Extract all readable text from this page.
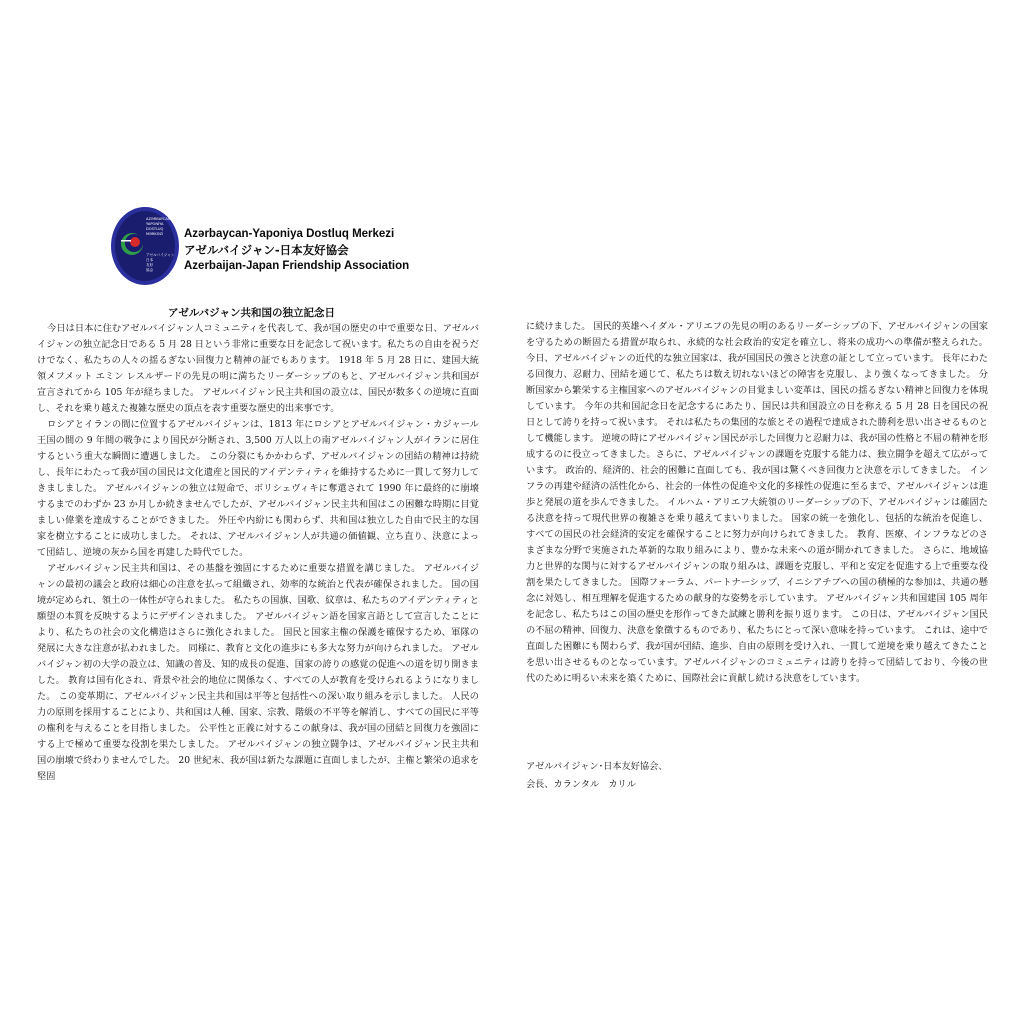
AZƏRBAYCAN
YAPONİYA
DOSTLUQ
MƏRKƏZİ
アゼルバイジャン
日本
友好
協会
Azərbaycan-Yaponiya Dostluq Merkezi
アゼルバイジャン-日本友好協会
Azerbaijan-Japan Friendship Association
アゼルバジャン共和国の独立記念日

今日は日本に住むアゼルバイジャン人コミュニティを代表して、我が国の歴史の中で重要な日、アゼルバイジャンの独立記念日である 5 月 28 日という非常に重要な日を記念して祝います。私たちの自由を祝うだけでなく、私たちの人々の揺るぎない回復力と精神の証でもあります。 1918 年 5 月 28 日に、建国大統領メフメット エミン レスルザードの先見の明に満ちたリーダーシップのもと、アゼルバイジャン共和国が宣言されてから 105 年が経ちました。 アゼルバイジャン民主共和国の設立は、国民が数多くの逆境に直面し、それを乗り越えた複雑な歴史の頂点を表す重要な歴史的出来事です。

ロシアとイランの間に位置するアゼルバイジャンは、1813 年にロシアとアゼルバイジャン・カジャール王国の間の 9 年間の戦争により国民が分断され、3,500 万人以上の南アゼルバイジャン人がイランに居住するという重大な瞬間に遭遇しました。 この分裂にもかかわらず、アゼルバイジャンの団結の精神は持続し、長年にわたって我が国の国民は文化遺産と国民的アイデンティティを維持するために一貫して努力してきましました。 アゼルバイジャンの独立は短命で、ボリシェヴィキに奪還されて 1990 年に最終的に崩壊するまでのわずか 23 か月しか続きませんでしたが、アゼルバイジャン民主共和国はこの困難な時期に目覚ましい偉業を達成することができました。 外圧や内紛にも関わらず、共和国は独立した自由で民主的な国家を樹立することに成功しました。 それは、アゼルバイジャン人が共通の価値観、立ち直り、決意によって団結し、逆境の灰から国を再建した時代でした。

アゼルバイジャン民主共和国は、その基盤を強固にするために重要な措置を講じました。 アゼルバイジャンの最初の議会と政府は細心の注意を払って組織され、効率的な統治と代表が確保されました。 国の国境が定められ、領土の一体性が守られました。 私たちの国旗、国歌、紋章は、私たちのアイデンティティと願望の本質を反映するようにデザインされました。 アゼルバイジャン語を国家言語として宣言したことにより、私たちの社会の文化構造はさらに強化されました。 国民と国家主権の保護を確保するため、軍隊の発展に大きな注意が払われました。 同様に、教育と文化の進歩にも多大な努力が向けられました。 アゼルバイジャン初の大学の設立は、知識の普及、知的成長の促進、国家の誇りの感覚の促進への道を切り開きました。 教育は国有化され、背景や社会的地位に関係なく、すべての人が教育を受けられるようになりました。 この変革期に、アゼルバイジャン民主共和国は平等と包括性への深い取り組みを示しました。 人民の力の原則を採用することにより、共和国は人種、国家、宗教、階級の不平等を解消し、すべての国民に平等の権利を与えることを目指しました。 公平性と正義に対するこの献身は、我が国の団結と回復力を強固にする上で極めて重要な役割を果たしました。 アゼルバイジャンの独立闘争は、アゼルバイジャン民主共和国の崩壊で終わりませんでした。 20 世紀末、我が国は新たな課題に直面しましたが、主権と繁栄の追求を堅固

に続けました。 国民的英雄ヘイダル・アリエフの先見の明のあるリーダーシップの下、アゼルバイジャンの国家を守るための断固たる措置が取られ、永続的な社会政治的安定を確立し、将来の成功への準備が整えられた。 今日、アゼルバイジャンの近代的な独立国家は、我が国国民の強さと決意の証として立っています。 長年にわたる回復力、忍耐力、団結を通じて、私たちは数え切れないほどの障害を克服し、より強くなってきました。 分断国家から繁栄する主権国家へのアゼルバイジャンの目覚ましい変革は、国民の揺るぎない精神と回復力を体現しています。 今年の共和国記念日を記念するにあたり、国民は共和国設立の日を称える 5 月 28 日を国民の祝日として誇りを持って祝います。 それは私たちの集団的な旅とその過程で達成された勝利を思い出させるものとして機能します。 逆境の時にアゼルバイジャン国民が示した回復力と忍耐力は、我が国の性格と不屈の精神を形成するのに役立ってきました。さらに、アゼルバイジャンの課題を克服する能力は、独立闘争を超えて広がっています。 政治的、経済的、社会的困難に直面しても、我が国は驚くべき回復力と決意を示してきました。 インフラの再建や経済の活性化から、社会的一体性の促進や文化的多様性の促進に至るまで、アゼルバイジャンは進歩と発展の道を歩んできました。 イルハム・アリエフ大統領のリーダーシップの下、アゼルバイジャンは確固たる決意を持って現代世界の複雑さを乗り越えてまいりました。 国家の統一を強化し、包括的な統治を促進し、すべての国民の社会経済的安定を確保することに努力が向けられてきました。 教育、医療、インフラなどのさまざまな分野で実施された革新的な取り組みにより、豊かな未来への道が開かれてきました。 さらに、地域協力と世界的な関与に対するアゼルバイジャンの取り組みは、課題を克服し、平和と安定を促進する上で重要な役割を果たしてきました。 国際フォーラム、パートナーシップ、イニシアチブへの国の積極的な参加は、共通の懸念に対処し、相互理解を促進するための献身的な姿勢を示しています。 アゼルバイジャン共和国建国 105 周年を記念し、私たちはこの国の歴史を形作ってきた試練と勝利を振り返ります。 この日は、アゼルバイジャン国民の不屈の精神、回復力、決意を象徴するものであり、私たちにとって深い意味を持っています。 これは、途中で直面した困難にも関わらず、我が国が団結、進歩、自由の原則を受け入れ、一貫して逆境を乗り越えてきたことを思い出させるものとなっています。アゼルバイジャンのコミュニティは誇りを持って団結しており、今後の世代のために明るい未来を築くために、国際社会に貢献し続ける決意をしています。

アゼルバイジャン･日本友好協会、
会長、カランタル　カリル
